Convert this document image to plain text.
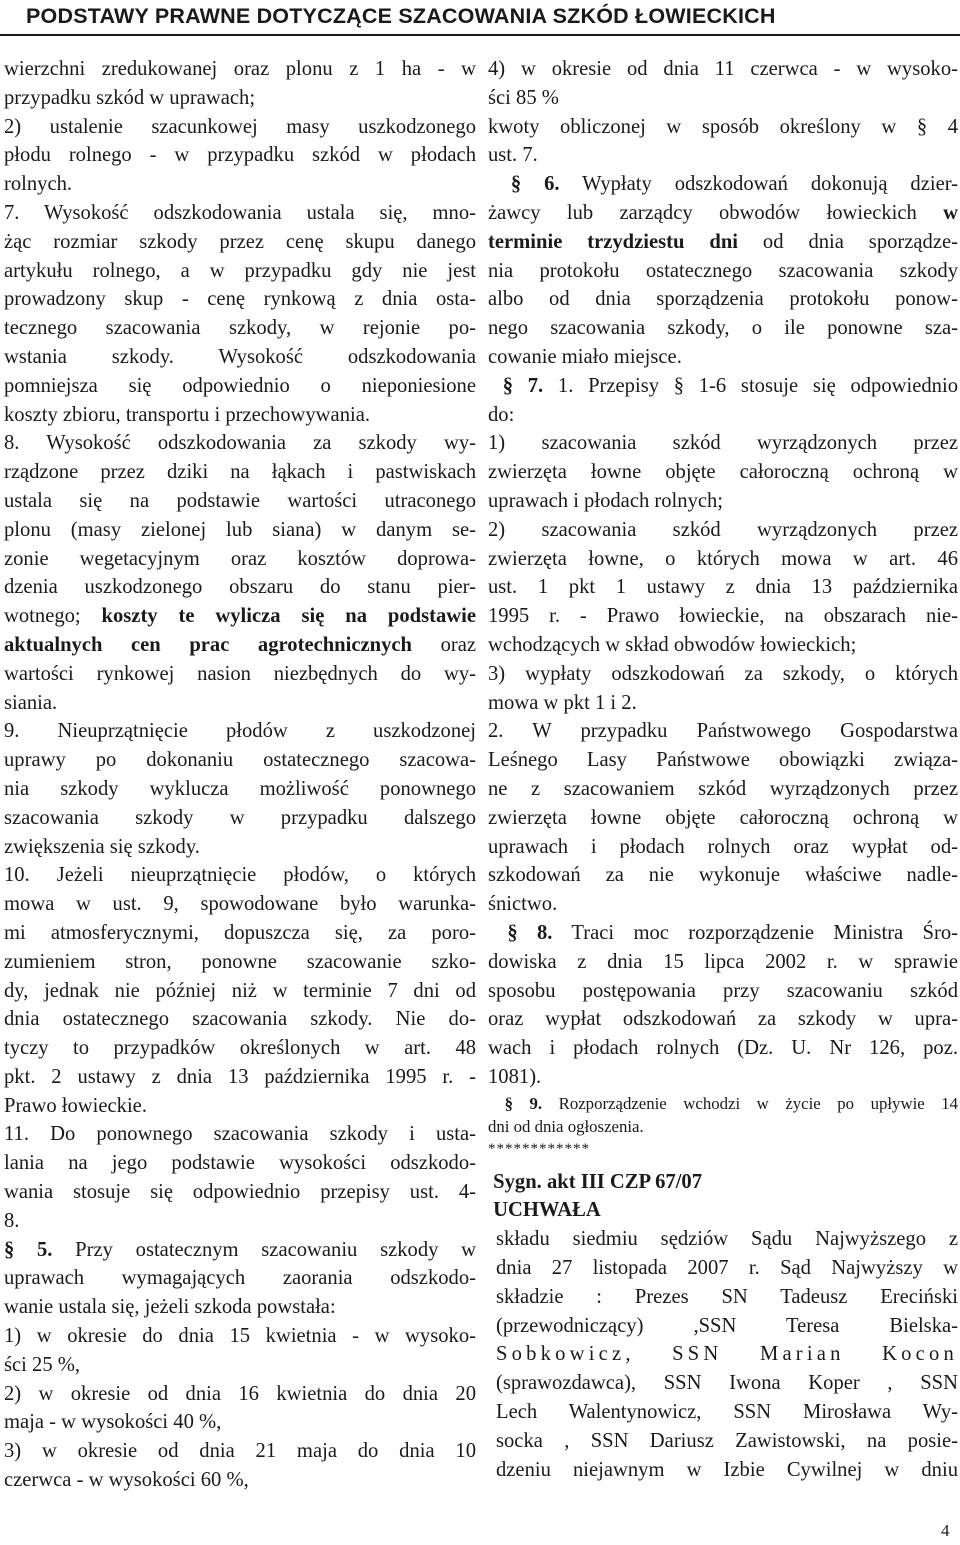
PODSTAWY PRAWNE DOTYCZĄCE SZACOWANIA SZKÓD ŁOWIECKICH

wierzchni zredukowanej oraz plonu z 1 ha - w
przypadku szkód w uprawach;
2) ustalenie szacunkowej masy uszkodzonego
płodu rolnego - w przypadku szkód w płodach
rolnych.

7. Wysokość odszkodowania ustala się, mno-
żąc rozmiar szkody przez cenę skupu danego
artykułu rolnego, a w przypadku gdy nie jest
prowadzony skup - cenę rynkową z dnia osta-
tecznego szacowania szkody, w rejonie po-
wstania szkody. Wysokość odszkodowania
pomniejsza się odpowiednio o nieponiesione
koszty zbioru, transportu i przechowywania.

8. Wysokość odszkodowania za szkody wy-
rządzone przez dziki na łąkach i pastwiskach
ustala się na podstawie wartości utraconego
plonu (masy zielonej lub siana) w danym se-
zonie wegetacyjnym oraz kosztów doprowa-
dzenia uszkodzonego obszaru do stanu pier-
wotnego; koszty te wylicza się na podstawie
aktualnych cen prac agrotechnicznych oraz
wartości rynkowej nasion niezbędnych do wy-
siania.

9. Nieuprzątnięcie płodów z uszkodzonej
uprawy po dokonaniu ostatecznego szacowa-
nia szkody wyklucza możliwość ponownego
szacowania szkody w przypadku dalszego
zwiększenia się szkody.

10. Jeżeli nieuprzątnięcie płodów, o których
mowa w ust. 9, spowodowane było warunka-
mi atmosferycznymi, dopuszcza się, za poro-
zumieniem stron, ponowne szacowanie szko-
dy, jednak nie później niż w terminie 7 dni od
dnia ostatecznego szacowania szkody. Nie do-
tyczy to przypadków określonych w art. 48
pkt. 2 ustawy z dnia 13 października 1995 r. -
Prawo łowieckie.

11. Do ponownego szacowania szkody i usta-
lania na jego podstawie wysokości odszkodo-
wania stosuje się odpowiednio przepisy ust. 4-
8.

§ 5. Przy ostatecznym szacowaniu szkody w
uprawach wymagających zaorania odszkodo-
wanie ustala się, jeżeli szkoda powstała:
1) w okresie do dnia 15 kwietnia - w wysoko-
ści 25 %,
2) w okresie od dnia 16 kwietnia do dnia 20
maja - w wysokości 40 %,
3) w okresie od dnia 21 maja do dnia 10
czerwca - w wysokości 60 %,

4) w okresie od dnia 11 czerwca - w wysoko-
ści 85 %
kwoty obliczonej w sposób określony w § 4
ust. 7.

§ 6. Wypłaty odszkodowań dokonują dzier-
żawcy lub zarządcy obwodów łowieckich w
terminie trzydziestu dni od dnia sporządze-
nia protokołu ostatecznego szacowania szkody
albo od dnia sporządzenia protokołu ponow-
nego szacowania szkody, o ile ponowne sza-
cowanie miało miejsce.

§ 7. 1. Przepisy § 1-6 stosuje się odpowiednio
do:
1) szacowania szkód wyrządzonych przez
zwierzęta łowne objęte całoroczną ochroną w
uprawach i płodach rolnych;
2) szacowania szkód wyrządzonych przez
zwierzęta łowne, o których mowa w art. 46
ust. 1 pkt 1 ustawy z dnia 13 października
1995 r. - Prawo łowieckie, na obszarach nie-
wchodzących w skład obwodów łowieckich;
3) wypłaty odszkodowań za szkody, o których
mowa w pkt 1 i 2.
2. W przypadku Państwowego Gospodarstwa
Leśnego Lasy Państwowe obowiązki związa-
ne z szacowaniem szkód wyrządzonych przez
zwierzęta łowne objęte całoroczną ochroną w
uprawach i płodach rolnych oraz wypłat od-
szkodowań za nie wykonuje właściwe nadle-
śnictwo.

§ 8. Traci moc rozporządzenie Ministra Śro-
dowiska z dnia 15 lipca 2002 r. w sprawie
sposobu postępowania przy szacowaniu szkód
oraz wypłat odszkodowań za szkody w upra-
wach i płodach rolnych (Dz. U. Nr 126, poz.
1081).

§ 9. Rozporządzenie wchodzi w życie po upływie 14
dni od dnia ogłoszenia.
************

Sygn. akt III CZP 67/07
UCHWAŁA

składu siedmiu sędziów Sądu Najwyższego z
dnia 27 listopada 2007 r. Sąd Najwyższy w
składzie : Prezes SN Tadeusz Ereciński
(przewodniczący) ,SSN Teresa Bielska-
Sobkowicz, SSN Marian Kocon
(sprawozdawca), SSN Iwona Koper , SSN
Lech Walentynowicz, SSN Mirosława Wy-
socka , SSN Dariusz Zawistowski, na posie-
dzeniu niejawnym w Izbie Cywilnej w dniu

4
